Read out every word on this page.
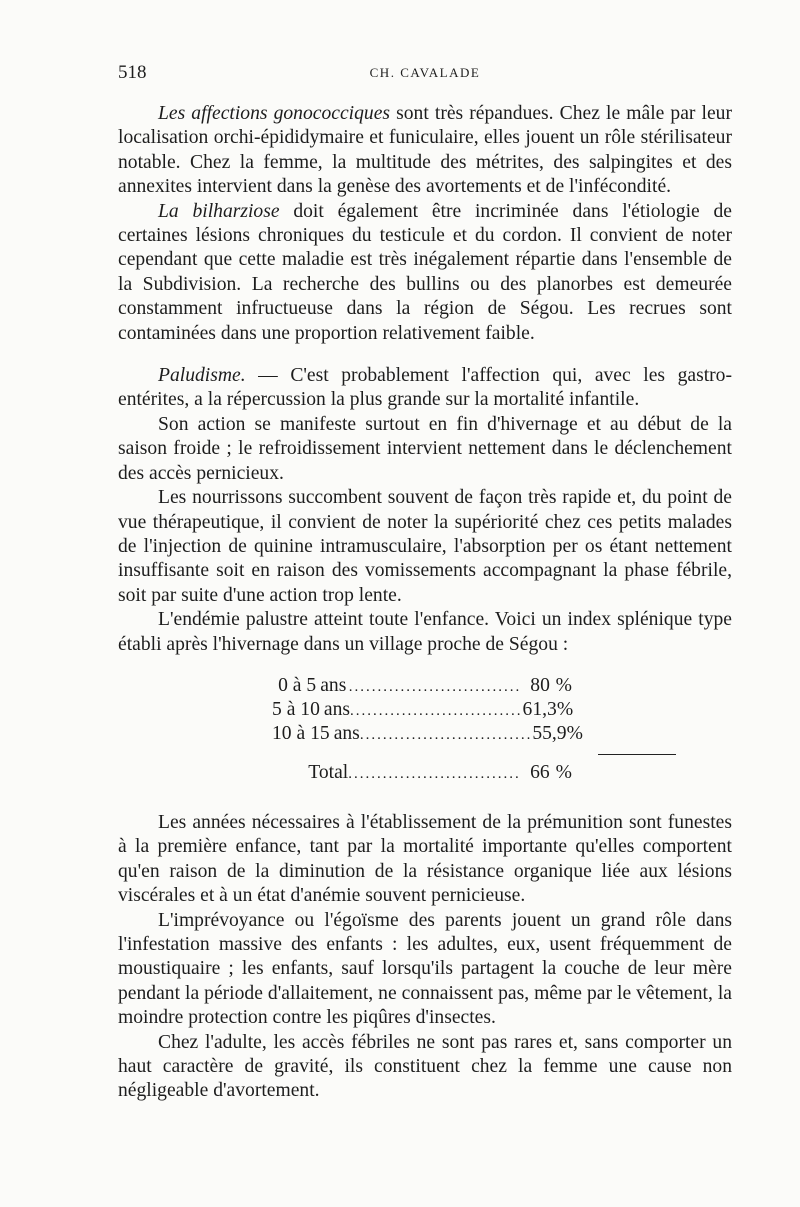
518	CH. CAVALADE

Les affections gonococciques sont très répandues. Chez le mâle par leur localisation orchi-épididymaire et funiculaire, elles jouent un rôle stérilisateur notable. Chez la femme, la multitude des métrites, des salpingites et des annexites intervient dans la genèse des avortements et de l'infécondité.

La bilharziose doit également être incriminée dans l'étiologie de certaines lésions chroniques du testicule et du cordon. Il convient de noter cependant que cette maladie est très inégalement répartie dans l'ensemble de la Subdivision. La recherche des bullins ou des planorbes est demeurée constamment infructueuse dans la région de Ségou. Les recrues sont contaminées dans une proportion relativement faible.

Paludisme. — C'est probablement l'affection qui, avec les gastro-entérites, a la répercussion la plus grande sur la mortalité infantile.

Son action se manifeste surtout en fin d'hivernage et au début de la saison froide ; le refroidissement intervient nettement dans le déclenchement des accès pernicieux.

Les nourrissons succombent souvent de façon très rapide et, du point de vue thérapeutique, il convient de noter la supériorité chez ces petits malades de l'injection de quinine intramusculaire, l'absorption per os étant nettement insuffisante soit en raison des vomissements accompagnant la phase fébrile, soit par suite d'une action trop lente.

L'endémie palustre atteint toute l'enfance. Voici un index splénique type établi après l'hivernage dans un village proche de Ségou :

0 à 5 ans .............................. 80 %
5 à 10 ans .............................. 61,3 %
10 à 15 ans .............................. 55,9 %
Total .............................. 66 %

Les années nécessaires à l'établissement de la prémunition sont funestes à la première enfance, tant par la mortalité importante qu'elles comportent qu'en raison de la diminution de la résistance organique liée aux lésions viscérales et à un état d'anémie souvent pernicieuse.

L'imprévoyance ou l'égoïsme des parents jouent un grand rôle dans l'infestation massive des enfants : les adultes, eux, usent fréquemment de moustiquaire ; les enfants, sauf lorsqu'ils partagent la couche de leur mère pendant la période d'allaitement, ne connaissent pas, même par le vêtement, la moindre protection contre les piqûres d'insectes.

Chez l'adulte, les accès fébriles ne sont pas rares et, sans comporter un haut caractère de gravité, ils constituent chez la femme une cause non négligeable d'avortement.
